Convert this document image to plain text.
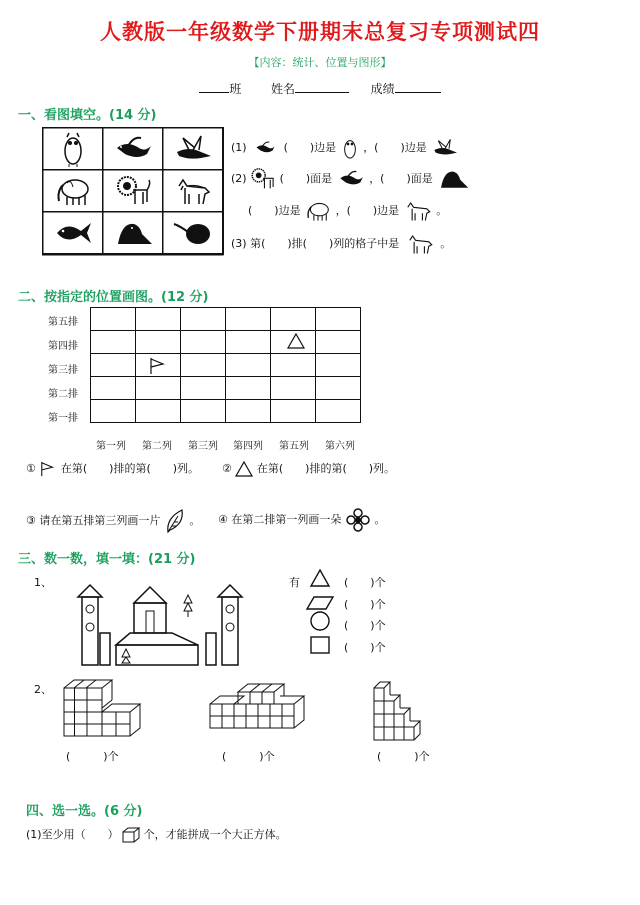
人教版一年级数学下册期末总复习专项测试四
【内容：统计、位置与图形】
班 姓名	成绩
一、看图填空。(14 分)
(1)	(　　)边是 ，(　　)边是
(2)	(　　)面是	，(　　)面是
(　　)边是	，(　　)边是	。
(3) 第(　　)排(　　)列的格子中是	。
二、按指定的位置画图。(12 分)
第五排
第四排
第三排
第二排
第一排

第一列 第二列 第三列 第四列 第五列 第六列
① 在第(　　)排的第(　　)列。 ② 在第(　　)排的第(　　)列。
③ 请在第五排第三列画一片	。 ④ 在第二排第一列画一朵	。
三、数一数，填一填：(21 分)
1、	有	(　　)个
(　　)个
(　　)个
(　　)个
2、
(　　　)个	(　　　)个	(　　　)个
四、选一选。(6 分)
(1)至少用（　　） 个，才能拼成一个大正方体。
